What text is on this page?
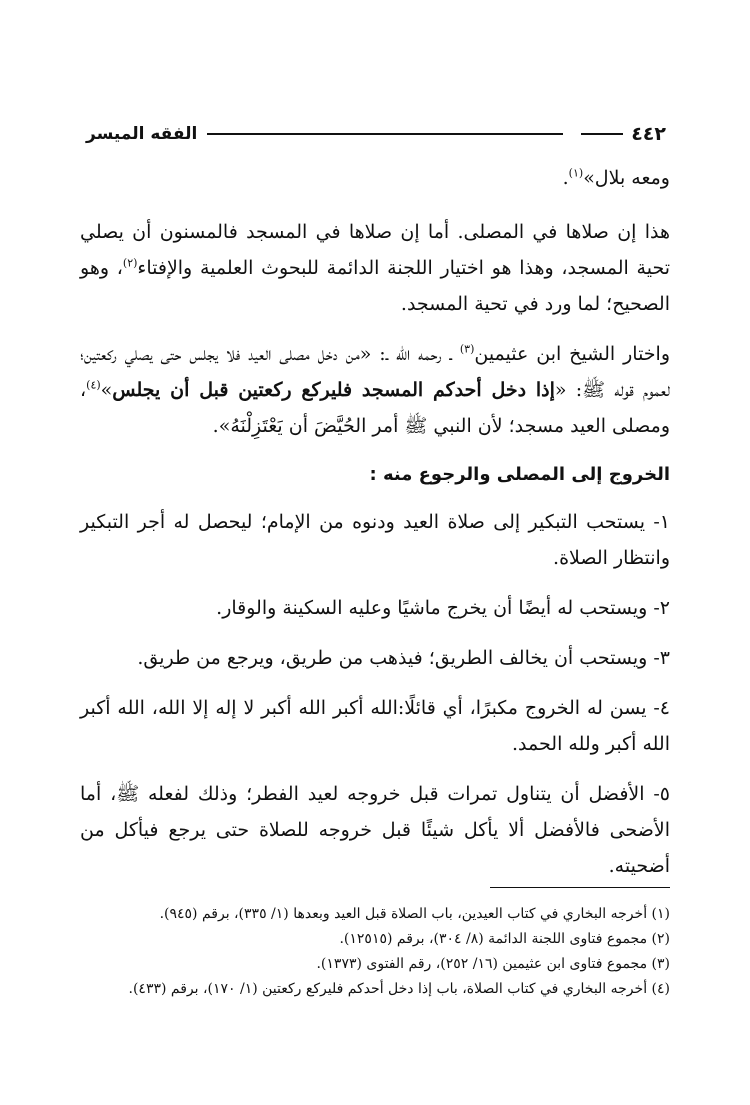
٤٤٢
الفقه الميسر

ومعه بلال»$^{(١)}$.

هذا إن صلاها في المصلى. أما إن صلاها في المسجد فالمسنون أن يصلي تحية المسجد، وهذا هو اختيار اللجنة الدائمة للبحوث العلمية والإفتاء$^{(٢)}$، وهو الصحيح؛ لما ورد في تحية المسجد.

واختار الشيخ ابن عثيمين$^{(٣)}$ ـ رحمه الله ـ: «من دخل مصلى العيد فلا يجلس حتى يصلي ركعتين؛ لعموم قوله ﷺ: «إذا دخل أحدكم المسجد فليركع ركعتين قبل أن يجلس»$^{(٤)}$، ومصلى العيد مسجد؛ لأن النبي ﷺ أمر الحُيَّضَ أن يَعْتَزِلْنَهُ».

الخروج إلى المصلى والرجوع منه :

١- يستحب التبكير إلى صلاة العيد ودنوه من الإمام؛ ليحصل له أجر التبكير وانتظار الصلاة.

٢- ويستحب له أيضًا أن يخرج ماشيًا وعليه السكينة والوقار.

٣- ويستحب أن يخالف الطريق؛ فيذهب من طريق، ويرجع من طريق.

٤- يسن له الخروج مكبرًا، أي قائلًا:الله أكبر الله أكبر لا إله إلا الله، الله أكبر الله أكبر ولله الحمد.

٥- الأفضل أن يتناول تمرات قبل خروجه لعيد الفطر؛ وذلك لفعله ﷺ، أما الأضحى فالأفضل ألا يأكل شيئًا قبل خروجه للصلاة حتى يرجع فيأكل من أضحيته.

(١) أخرجه البخاري في كتاب العيدين، باب الصلاة قبل العيد وبعدها (١/ ٣٣٥)، برقم (٩٤٥).
(٢) مجموع فتاوى اللجنة الدائمة (٨/ ٣٠٤)، برقم (١٢٥١٥).
(٣) مجموع فتاوى ابن عثيمين (١٦/ ٢٥٢)، رقم الفتوى (١٣٧٣).
(٤) أخرجه البخاري في كتاب الصلاة، باب إذا دخل أحدكم فليركع ركعتين (١/ ١٧٠)، برقم (٤٣٣).
